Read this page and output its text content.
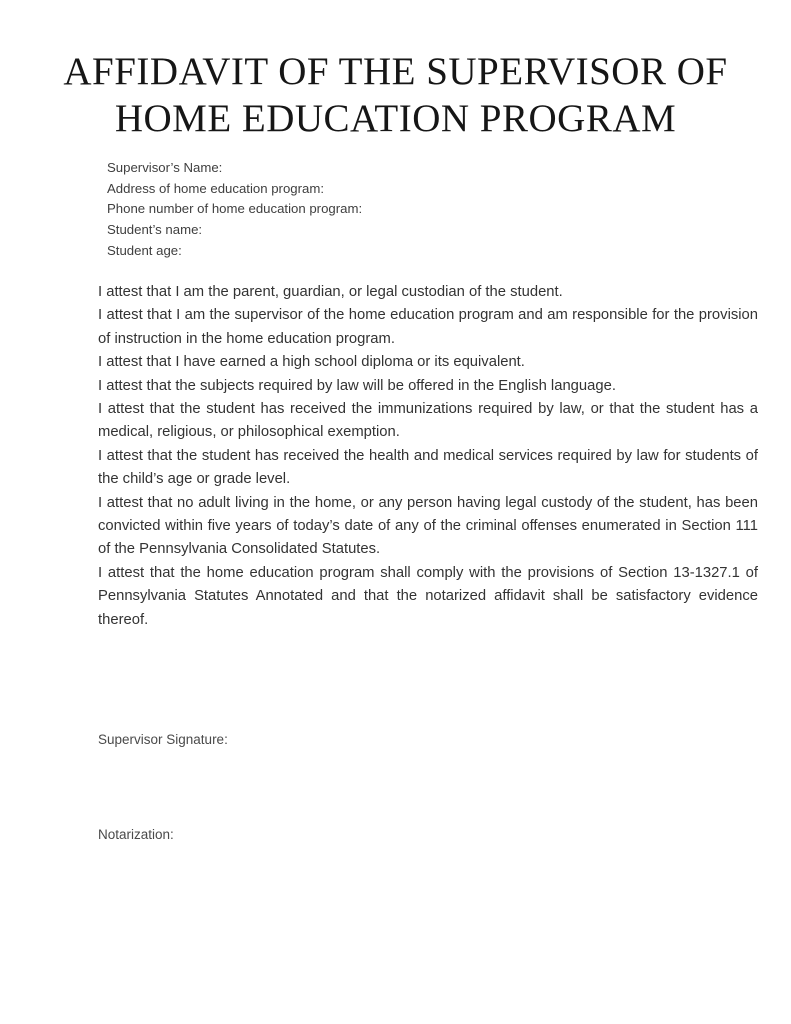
AFFIDAVIT OF THE SUPERVISOR OF
HOME EDUCATION PROGRAM
Supervisor’s Name:
Address of home education program:
Phone number of home education program:
Student’s name:
Student age:

I attest that I am the parent, guardian, or legal custodian of the student.

I attest that I am the supervisor of the home education program and am responsible for the provision of instruction in the home education program.

I attest that I have earned a high school diploma or its equivalent.

I attest that the subjects required by law will be offered in the English language.

I attest that the student has received the immunizations required by law, or that the student has a medical, religious, or philosophical exemption.

I attest that the student has received the health and medical services required by law for students of the child’s age or grade level.

I attest that no adult living in the home, or any person having legal custody of the student, has been convicted within five years of today’s date of any of the criminal offenses enumerated in Section 111 of the Pennsylvania Consolidated Statutes.

I attest that the home education program shall comply with the provisions of Section 13-1327.1 of Pennsylvania Statutes Annotated and that the notarized affidavit shall be satisfactory evidence thereof.

Supervisor Signature:
Notarization:
